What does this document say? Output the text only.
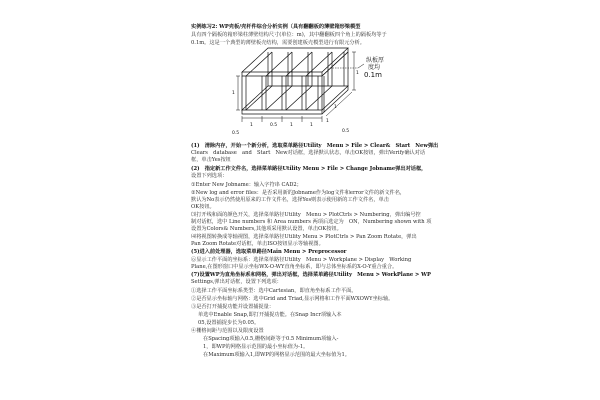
实例练习2: WP壳板/壳杆件综合分析实例（具有翻翻板的薄壁箱形梁模型
具有四个隔板的箱形梁柱薄壁结构尺寸(单位：m)，其中翻翻板四个角上的隔板均等于
0.1m。这是一个典型的薄壁板壳结构，需要创建板壳模型进行有限元分析。
纵板厚
度均
0.1m
1	0.5	1	1
1
1
1
0.5
1
0.5
(1)　清除内存，开始一个新分析，选取菜单路径Utility　Menu > File > Clear&　Start　New弹出
Clears　database　and　Start　New对话框，选择默认状态，单击OK按钮，弹出Verify确认对话
框，单击Yes按钮
(2)　指定新工作文件名，选择菜单路径Utility Menu > File > Change Jobname弹出对话框，
设置下列选项：
①Enter New Jobname：输入字符串 CAD2；
②New log and error files：是否采用新的Jobname作为log文件和error文件的新文件名，
默认为No表示仍然使用原来的工作文件名，选择Yes则表示使用新的工作文件名，单击
OK按钮。
⑶打开线和面的颜色开关，选择菜单路径Utility　Menu > PlotCtrls > Numbering，弹出编号控
制对话框，选中 Line numbers 和 Area numbers 两项后选定为　ON，Numbering shown with 项
设置为Colors& Numbers,其他项采用默认设置，单击OK按钮。
⑷将视图转换成等轴视图，选择菜单路径Utility Menu > PlotCtrls > Pan Zoom Rotate，弹出
Pan Zoom Rotate对话框，单击ISO按钮显示等轴视图。
(5)进入前处理器，选取菜单路径Main Menu > Preprocessor
⑥显示工作平面的坐标系：选择菜单路径Utility　Menu > Workplane > Display　Working
Plane,在图形窗口中显示坐标WX-O-WY直角坐标系，即与总体坐标系的X-O-Y重合重合。
(7)设置WP为直角坐标系和网格，弹出对话框，选择菜单路径Utility　Menu > WorkPlane > WP
Settings,弹出对话框，设置下列选项：
①选择工作平面坐标系类型：选中Cartesian，即直角坐标系工作平面。
②是否显示坐标轴与网格：选中Grid and Triad,显示网格和工作平面WXOWY坐标轴。
③是否打开捕捉功能并设置捕捉量：
单选中Enable Snap,即打开捕捉功能。在Snap Incr项输入本
05,设置捕捉步长为0.05。
④栅格间距与范围以及限度设置
在Spacing项输入0.5,栅格间距等于0.5 Minimum项输入-
1，即WP的网格显示范围的最小坐标值为-1。
在Maximum项输入1,即WP的网格显示范围的最大坐标值为1。
